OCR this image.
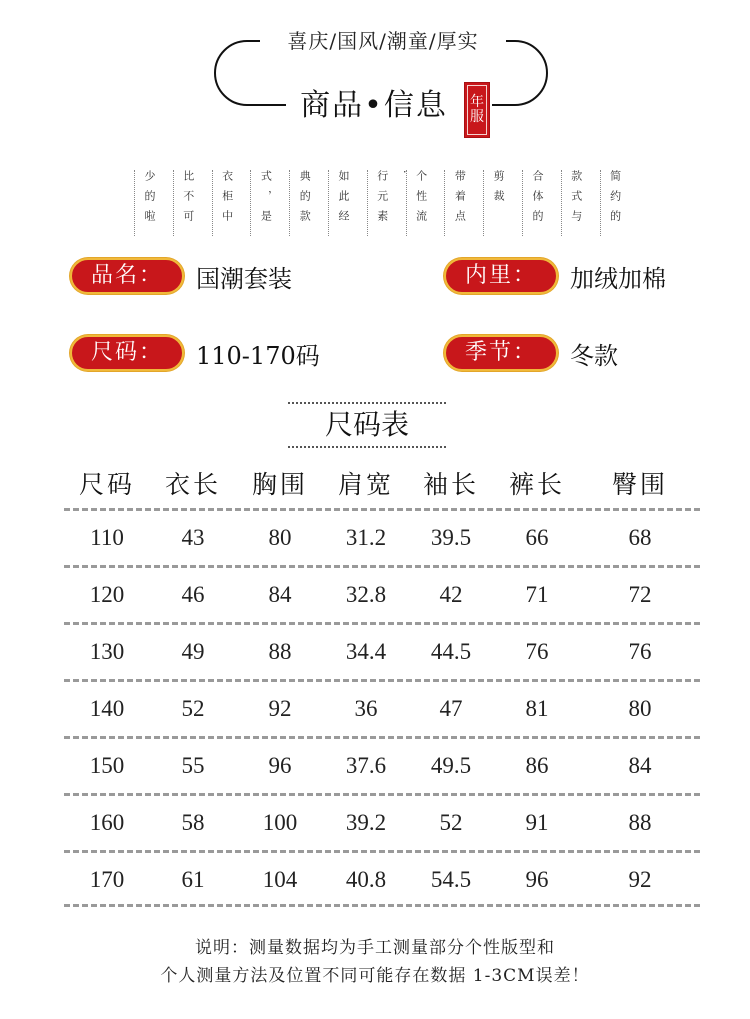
喜庆/国风/潮童/厚实
商品•信息	年
服
少的啦	比不可	衣柜中	式，是	典的款	如此经	行元素· 个性流	带着点	剪裁	合体的	款式与	简约的
品名：	国潮套装	内里：	加绒加棉
尺码：	110-170码	季节：	冬款
尺码表
尺码	衣长	胸围	肩宽	袖长	裤长	臀围
110	43	80	31.2	39.5	66	68
120	46	84	32.8	42	71	72
130	49	88	34.4	44.5	76	76
140	52	92	36	47	81	80
150	55	96	37.6	49.5	86	84
160	58	100	39.2	52	91	88
170	61	104	40.8	54.5	96	92
说明：测量数据均为手工测量部分个性版型和
个人测量方法及位置不同可能存在数据 1-3CM误差！
